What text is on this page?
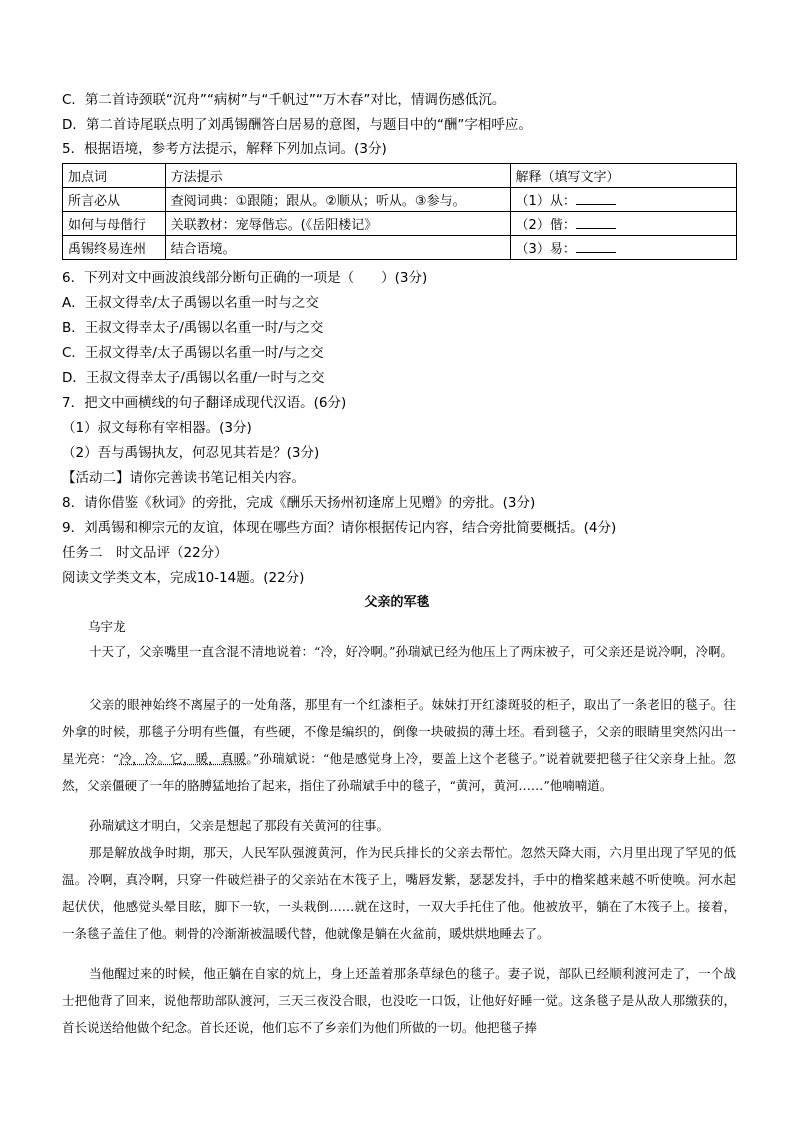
C．第二首诗颈联“沉舟”“病树”与“千帆过”“万木春”对比，情调伤感低沉。
D．第二首诗尾联点明了刘禹锡酬答白居易的意图，与题目中的“酬”字相呼应。
5．根据语境，参考方法提示，解释下列加点词。(3分)
加点词	方法提示	解释（填写文字）
所言必从	查阅词典：①跟随；跟从。②顺从；听从。③参与。	（1）从：
如何与母偕行	关联教材：宠辱偕忘。(《岳阳楼记》	（2）偕：
禹锡终易连州	结合语境。	（3）易：
6．下列对文中画波浪线部分断句正确的一项是（　　）(3分)
A．王叔文得幸/太子禹锡以名重一时与之交
B．王叔文得幸太子/禹锡以名重一时/与之交
C．王叔文得幸/太子禹锡以名重一时/与之交
D．王叔文得幸太子/禹锡以名重/一时与之交
7．把文中画横线的句子翻译成现代汉语。(6分)
（1）叔文每称有宰相器。(3分)
（2）吾与禹锡执友，何忍见其若是？(3分)
【活动二】请你完善读书笔记相关内容。
8．请你借鉴《秋词》的旁批，完成《酬乐天扬州初逢席上见赠》的旁批。(3分)
9．刘禹锡和柳宗元的友谊，体现在哪些方面？请你根据传记内容，结合旁批简要概括。(4分)
任务二　时文品评（22分）
阅读文学类文本，完成10-14题。(22分)
父亲的军毯
乌宇龙
十天了，父亲嘴里一直含混不清地说着：“冷，好冷啊。”孙瑞斌已经为他压上了两床被子，可父亲还是说冷啊，冷啊。
父亲的眼神始终不离屋子的一处角落，那里有一个红漆柜子。妹妹打开红漆斑驳的柜子，取出了一条老旧的毯子。往外拿的时候，那毯子分明有些僵，有些硬，不像是编织的，倒像一块破损的薄土坯。看到毯子，父亲的眼睛里突然闪出一星光亮：“冷，冷。它，暖，真暖。”孙瑞斌说：“他是感觉身上冷，要盖上这个老毯子。”说着就要把毯子往父亲身上扯。忽然，父亲僵硬了一年的胳膊猛地抬了起来，指住了孙瑞斌手中的毯子，“黄河，黄河……”他喃喃道。
孙瑞斌这才明白，父亲是想起了那段有关黄河的往事。
那是解放战争时期，那天，人民军队强渡黄河，作为民兵排长的父亲去帮忙。忽然天降大雨，六月里出现了罕见的低温。冷啊，真冷啊，只穿一件破烂褂子的父亲站在木筏子上，嘴唇发紫，瑟瑟发抖，手中的橹桨越来越不听使唤。河水起起伏伏，他感觉头晕目眩，脚下一软，一头栽倒……就在这时，一双大手托住了他。他被放平，躺在了木筏子上。接着，一条毯子盖住了他。刺骨的冷渐渐被温暖代替，他就像是躺在火盆前，暖烘烘地睡去了。
当他醒过来的时候，他正躺在自家的炕上，身上还盖着那条草绿色的毯子。妻子说，部队已经顺利渡河走了，一个战士把他背了回来，说他帮助部队渡河，三天三夜没合眼，也没吃一口饭，让他好好睡一觉。这条毯子是从敌人那缴获的，首长说送给他做个纪念。首长还说，他们忘不了乡亲们为他们所做的一切。他把毯子捧
